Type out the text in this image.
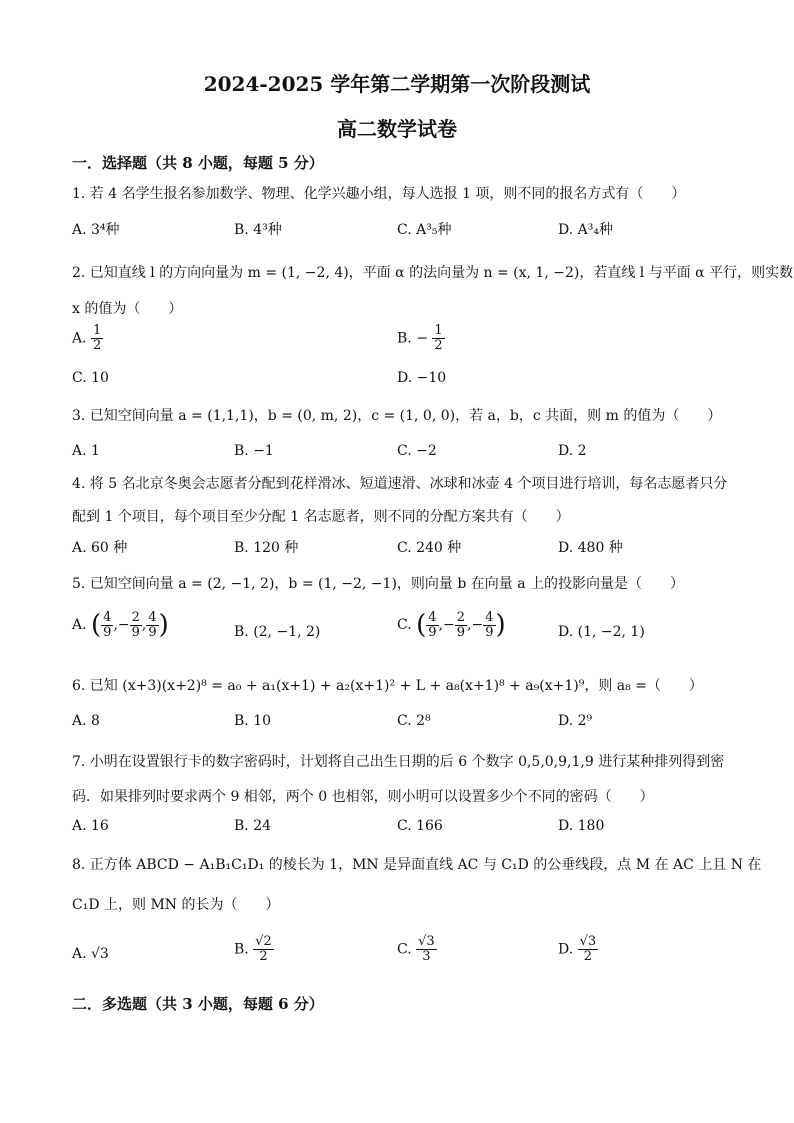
2024-2025 学年第二学期第一次阶段测试
高二数学试卷
一．选择题（共 8 小题，每题 5 分）
1. 若 4 名学生报名参加数学、物理、化学兴趣小组，每人选报 1 项，则不同的报名方式有（　　）
A. 3⁴种	B. 4³种	C. A³₅种	D. A³₄种
2. 已知直线 l 的方向向量为 m = (1, −2, 4)，平面 α 的法向量为 n = (x, 1, −2)，若直线 l 与平面 α 平行，则实数
x 的值为（　　）
A. $\frac{1}{2}$	B. − $\frac{1}{2}$
C. 10	D. −10
3. 已知空间向量 a = (1,1,1)，b = (0, m, 2)，c = (1, 0, 0)，若 a，b，c 共面，则 m 的值为（　　）
A. 1	B. −1	C. −2	D. 2
4. 将 5 名北京冬奥会志愿者分配到花样滑冰、短道速滑、冰球和冰壶 4 个项目进行培训，每名志愿者只分
配到 1 个项目，每个项目至少分配 1 名志愿者，则不同的分配方案共有（　　）
A. 60 种	B. 120 种	C. 240 种	D. 480 种
5. 已知空间向量 a = (2, −1, 2)，b = (1, −2, −1)，则向量 b 在向量 a 上的投影向量是（　　）
A. ( $\frac{4}{9}$ ,− $\frac{2}{9}$ , $\frac{4}{9}$ )	B. (2, −1, 2)	C. ( $\frac{4}{9}$ ,− $\frac{2}{9}$ ,− $\frac{4}{9}$ )	D. (1, −2, 1)
6. 已知 (x+3)(x+2)⁸ = a₀ + a₁(x+1) + a₂(x+1)² + L + a₈(x+1)⁸ + a₉(x+1)⁹，则 a₈ =（　　）
A. 8	B. 10	C. 2⁸	D. 2⁹
7. 小明在设置银行卡的数字密码时，计划将自己出生日期的后 6 个数字 0,5,0,9,1,9 进行某种排列得到密
码．如果排列时要求两个 9 相邻，两个 0 也相邻，则小明可以设置多少个不同的密码（　　）
A. 16	B. 24	C. 166	D. 180
8. 正方体 ABCD − A₁B₁C₁D₁ 的棱长为 1，MN 是异面直线 AC 与 C₁D 的公垂线段，点 M 在 AC 上且 N 在
C₁D 上，则 MN 的长为（　　）
A. √3	B. $\frac{√2}{2}$	C. $\frac{√3}{3}$	D. $\frac{√3}{2}$
二．多选题（共 3 小题，每题 6 分）
